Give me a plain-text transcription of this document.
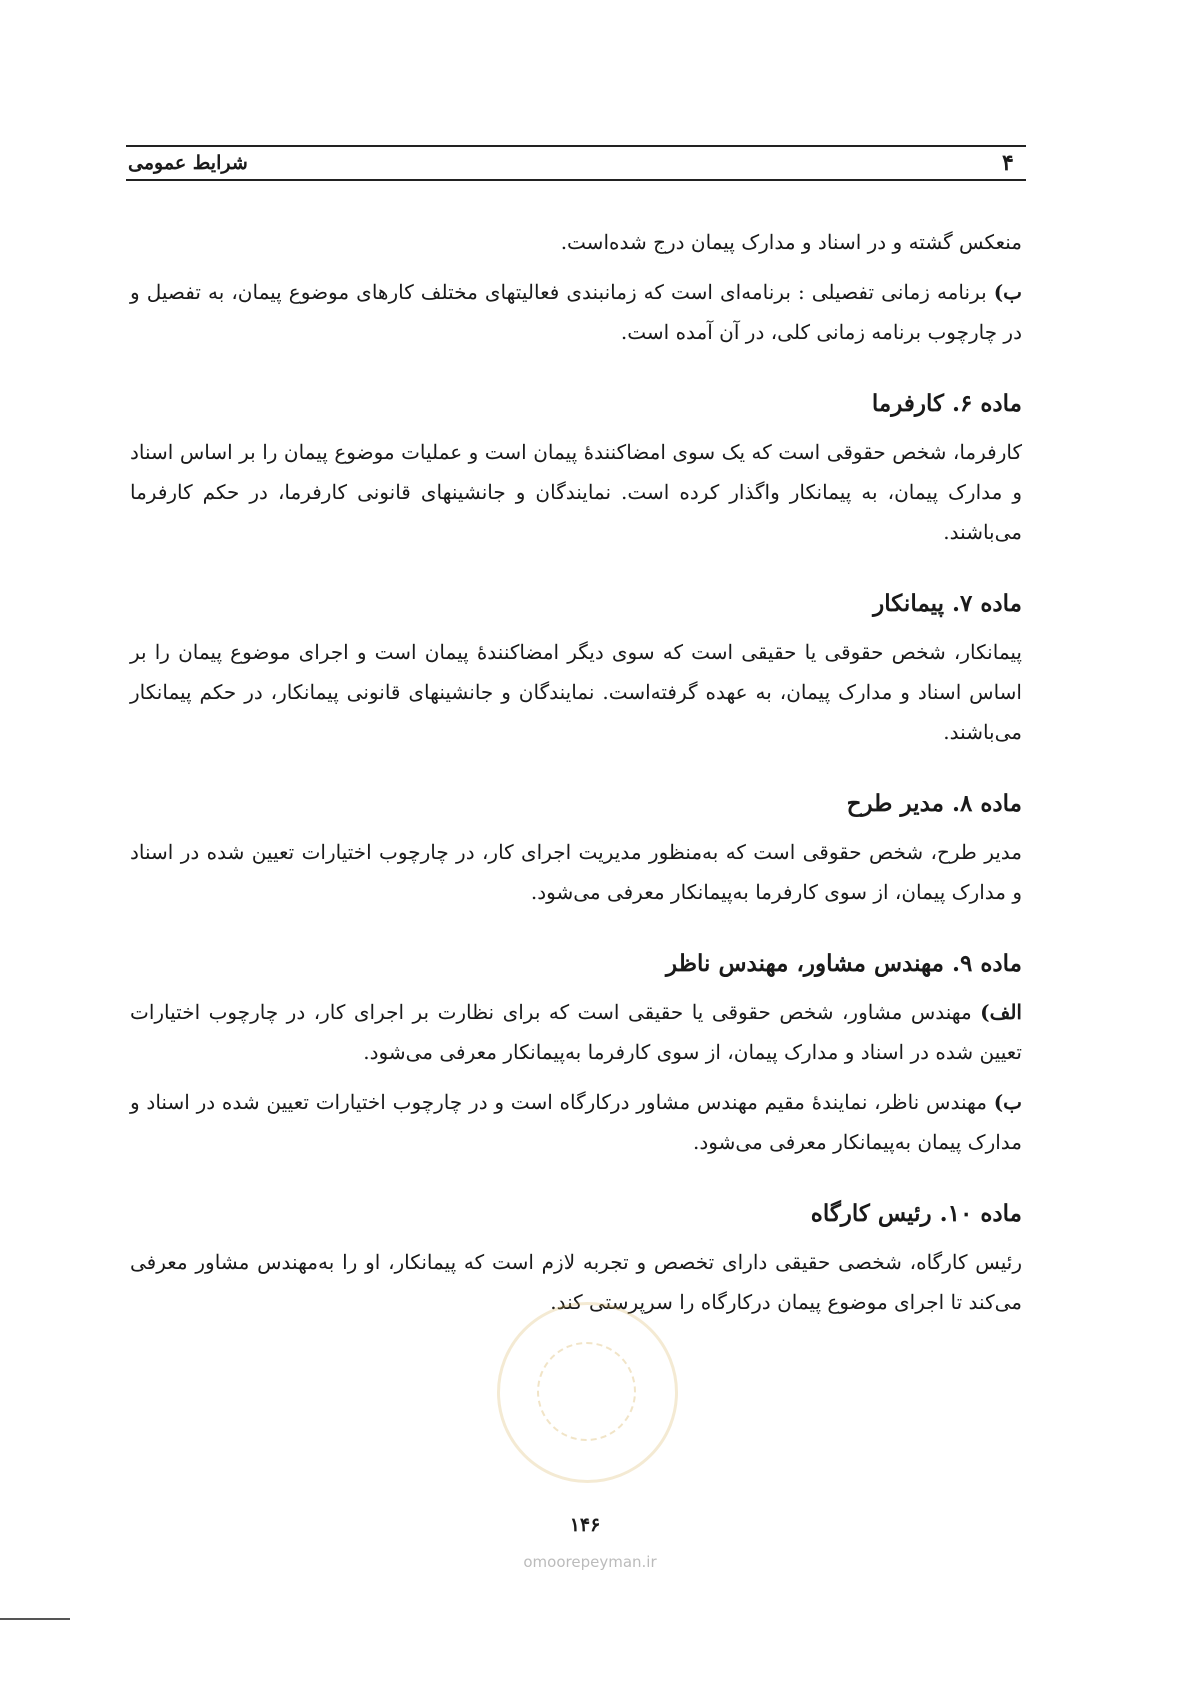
شرایط عمومی	۴

منعکس گشته و در اسناد و مدارک پیمان درج شده‌است.

ب) برنامه زمانی تفصیلی : برنامه‌ای است که زمانبندی فعالیتهای مختلف کارهای موضوع پیمان، به تفصیل و در چارچوب برنامه زمانی کلی، در آن آمده است.

ماده ۶. کارفرما

کارفرما، شخص حقوقی است که یک سوی امضاکنندهٔ پیمان است و عملیات موضوع پیمان را بر اساس اسناد و مدارک پیمان، به پیمانکار واگذار کرده است. نمایندگان و جانشینهای قانونی کارفرما، در حکم کارفرما می‌باشند.

ماده ۷. پیمانکار

پیمانکار، شخص حقوقی یا حقیقی است که سوی دیگر امضاکنندهٔ پیمان است و اجرای موضوع پیمان را بر اساس اسناد و مدارک پیمان، به عهده گرفته‌است. نمایندگان و جانشینهای قانونی پیمانکار، در حکم پیمانکار می‌باشند.

ماده ۸. مدیر طرح

مدیر طرح، شخص حقوقی است که به‌منظور مدیریت اجرای کار، در چارچوب اختیارات تعیین شده در اسناد و مدارک پیمان، از سوی کارفرما به‌پیمانکار معرفی می‌شود.

ماده ۹. مهندس مشاور، مهندس ناظر

الف) مهندس مشاور، شخص حقوقی یا حقیقی است که برای نظارت بر اجرای کار، در چارچوب اختیارات تعیین شده در اسناد و مدارک پیمان، از سوی کارفرما به‌پیمانکار معرفی می‌شود.

ب) مهندس ناظر، نمایندهٔ مقیم مهندس مشاور درکارگاه است و در چارچوب اختیارات تعیین شده در اسناد و مدارک پیمان به‌پیمانکار معرفی می‌شود.

ماده ۱۰. رئیس کارگاه

رئیس کارگاه، شخصی حقیقی دارای تخصص و تجربه لازم است که پیمانکار، او را به‌مهندس مشاور معرفی می‌کند تا اجرای موضوع پیمان درکارگاه را سرپرستی کند.

۱۴۶
omoorepeyman.ir
